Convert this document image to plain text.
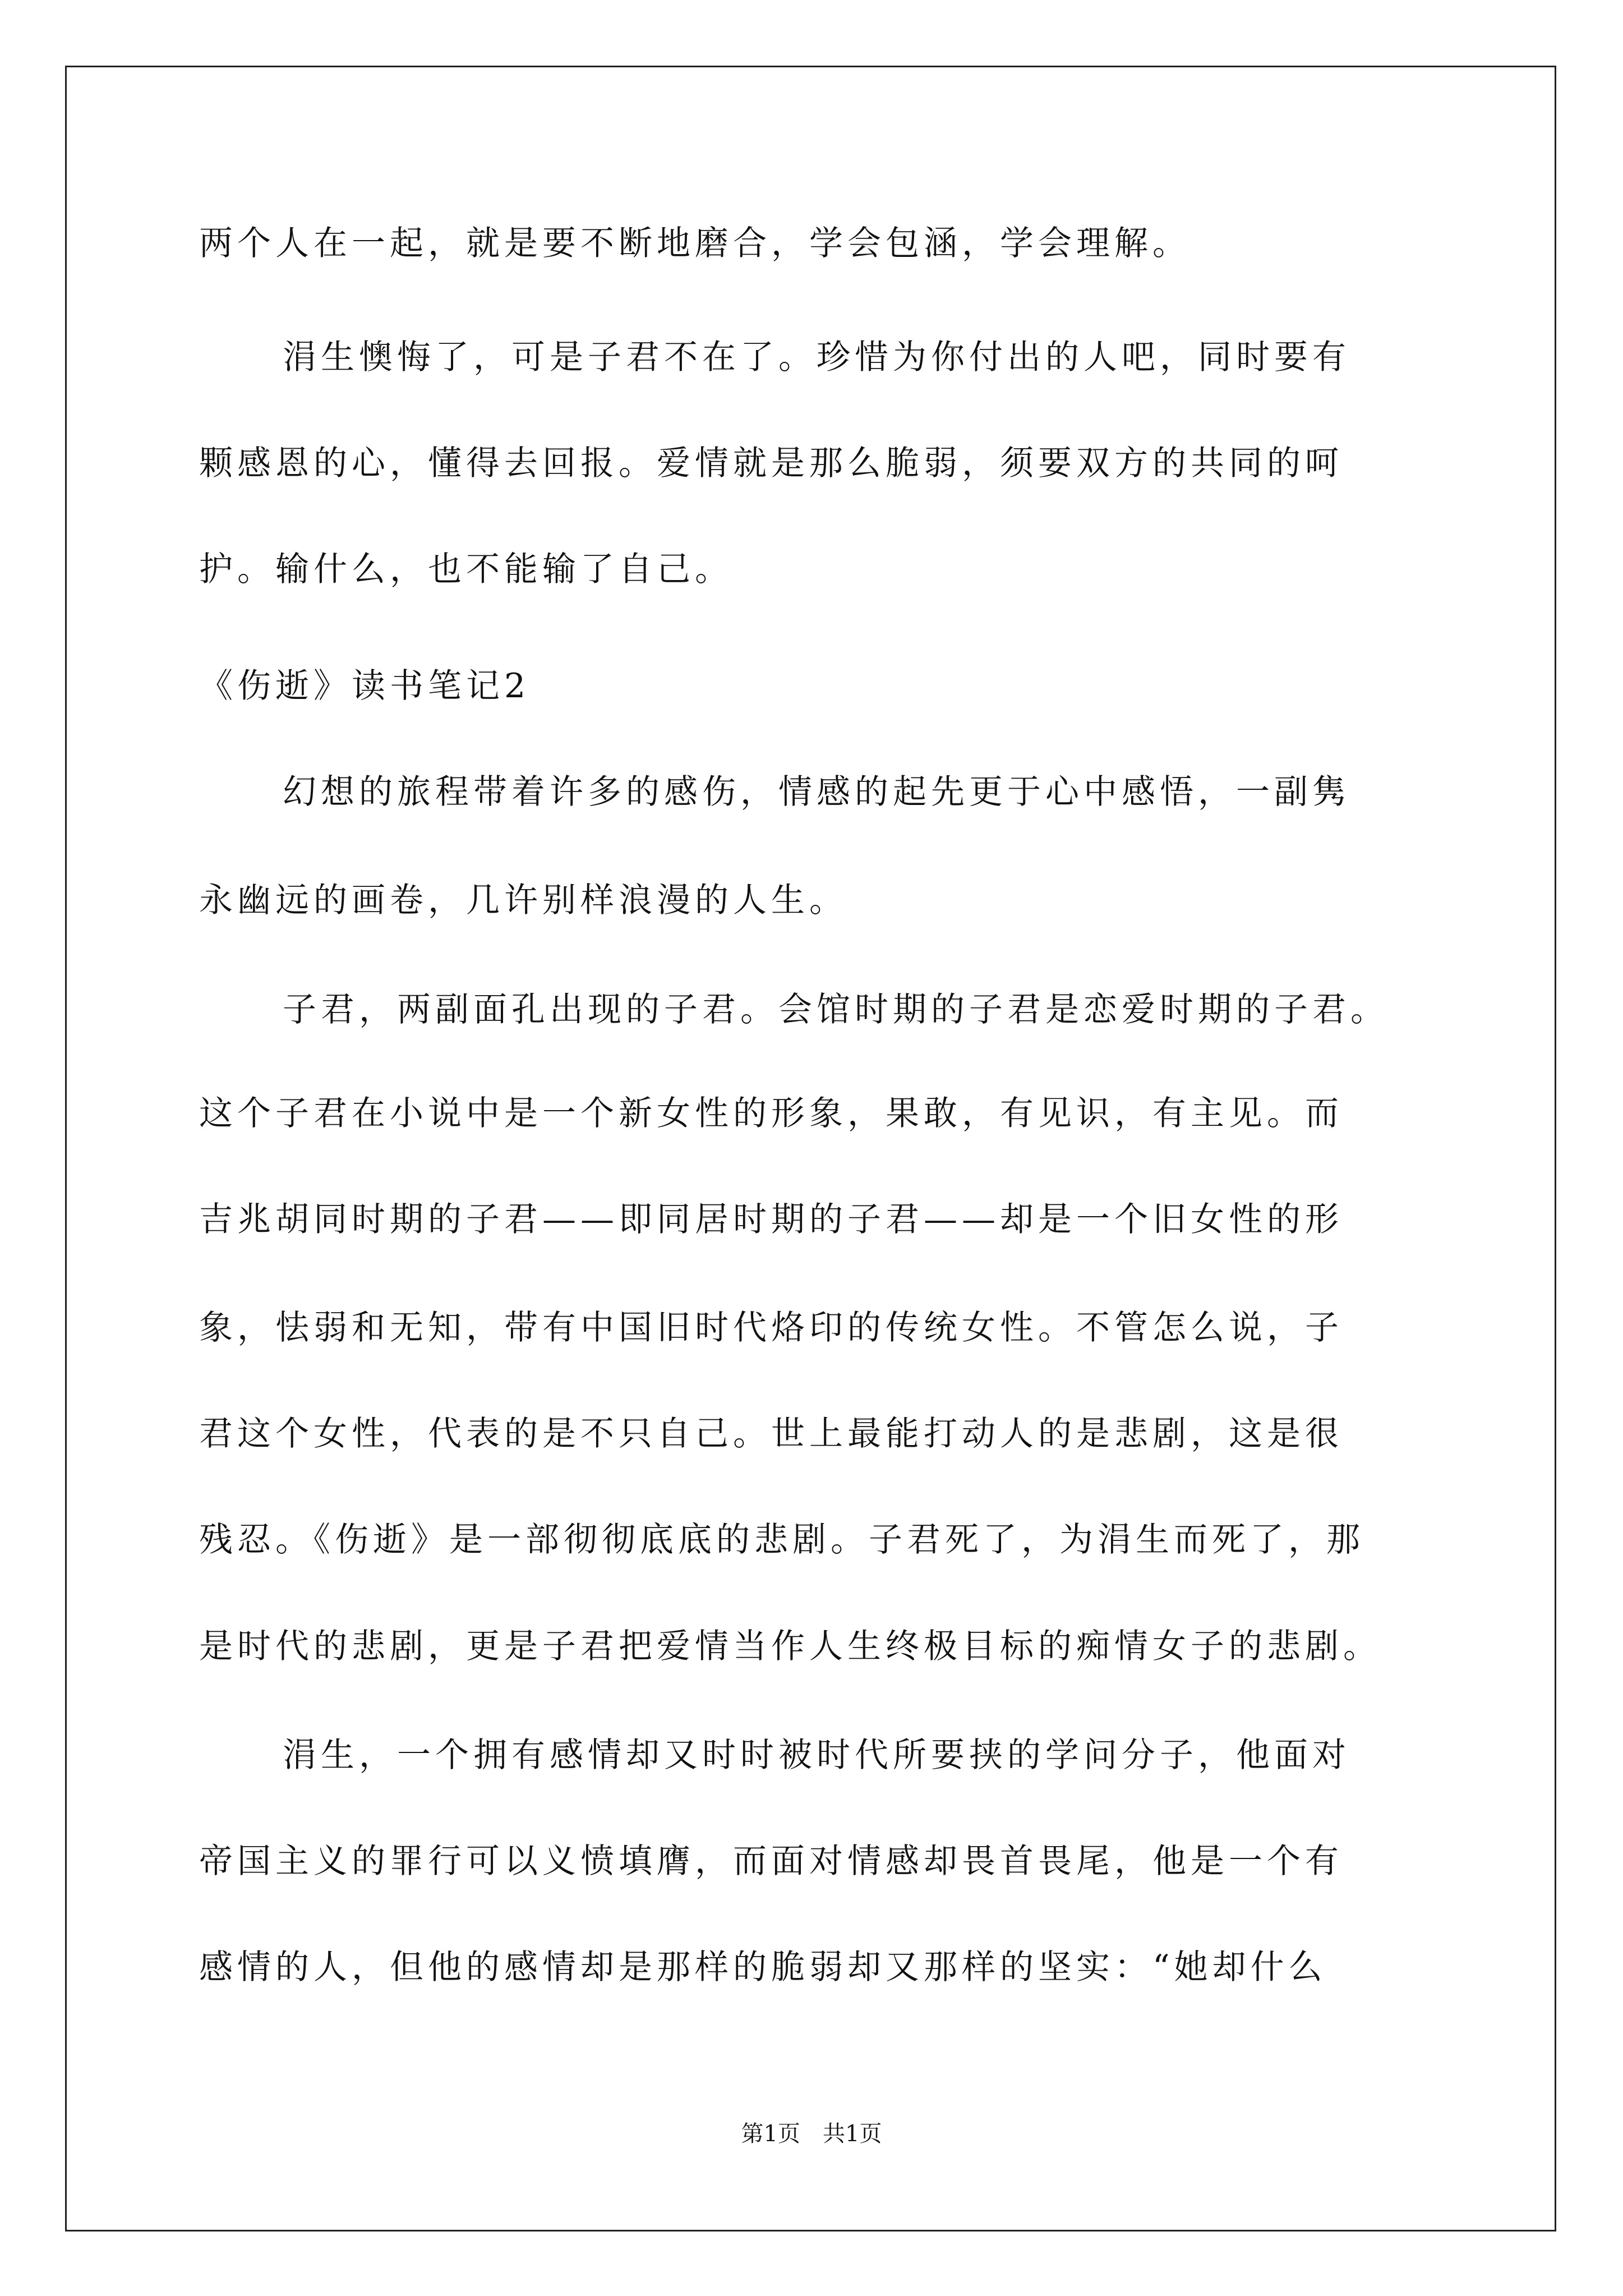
两个人在一起，就是要不断地磨合，学会包涵，学会理解。
涓生懊悔了，可是子君不在了。珍惜为你付出的人吧，同时要有
颗感恩的心，懂得去回报。爱情就是那么脆弱，须要双方的共同的呵
护。输什么，也不能输了自己。
《伤逝》读书笔记2
幻想的旅程带着许多的感伤，情感的起先更于心中感悟，一副隽
永幽远的画卷，几许别样浪漫的人生。
子君，两副面孔出现的子君。会馆时期的子君是恋爱时期的子君。
这个子君在小说中是一个新女性的形象，果敢，有见识，有主见。而
吉兆胡同时期的子君——即同居时期的子君——却是一个旧女性的形
象，怯弱和无知，带有中国旧时代烙印的传统女性。不管怎么说，子
君这个女性，代表的是不只自己。世上最能打动人的是悲剧，这是很
残忍。《伤逝》是一部彻彻底底的悲剧。子君死了，为涓生而死了，那
是时代的悲剧，更是子君把爱情当作人生终极目标的痴情女子的悲剧。
涓生，一个拥有感情却又时时被时代所要挟的学问分子，他面对
帝国主义的罪行可以义愤填膺，而面对情感却畏首畏尾，他是一个有
感情的人，但他的感情却是那样的脆弱却又那样的坚实：“她却什么
第1页　共1页
